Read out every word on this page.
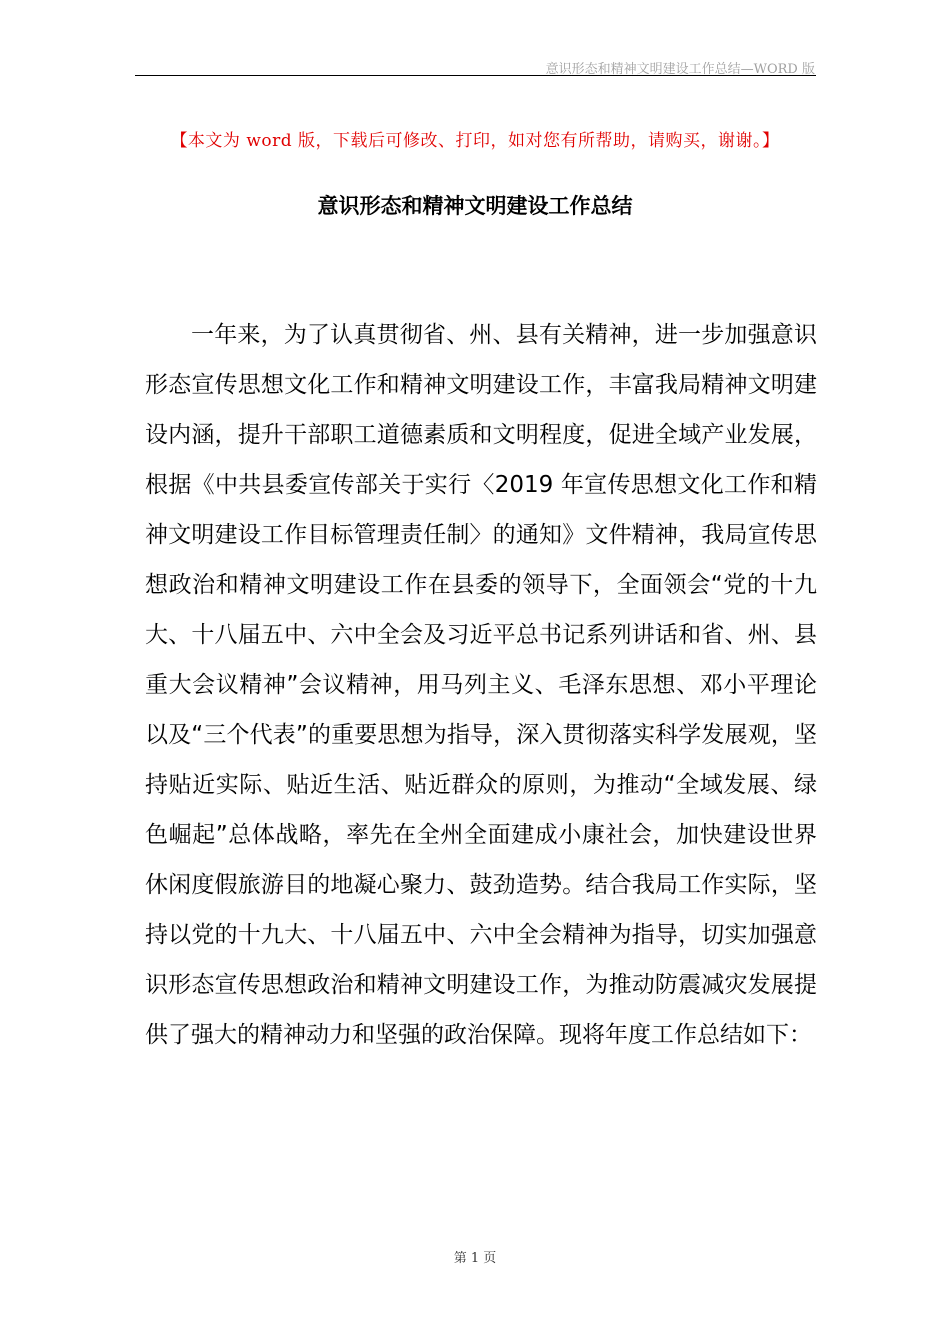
意识形态和精神文明建设工作总结—WORD 版
【本文为 word 版，下载后可修改、打印，如对您有所帮助，请购买，谢谢。】
意识形态和精神文明建设工作总结

一年来，为了认真贯彻省、州、县有关精神，进一步加强意识形态宣传思想文化工作和精神文明建设工作，丰富我局精神文明建设内涵，提升干部职工道德素质和文明程度，促进全域产业发展，根据《中共县委宣传部关于实行〈2019 年宣传思想文化工作和精神文明建设工作目标管理责任制〉的通知》文件精神，我局宣传思想政治和精神文明建设工作在县委的领导下，全面领会“党的十九大、十八届五中、六中全会及习近平总书记系列讲话和省、州、县重大会议精神”会议精神，用马列主义、毛泽东思想、邓小平理论以及“三个代表”的重要思想为指导，深入贯彻落实科学发展观，坚持贴近实际、贴近生活、贴近群众的原则，为推动“全域发展、绿色崛起”总体战略，率先在全州全面建成小康社会，加快建设世界休闲度假旅游目的地凝心聚力、鼓劲造势。结合我局工作实际，坚持以党的十九大、十八届五中、六中全会精神为指导，切实加强意识形态宣传思想政治和精神文明建设工作，为推动防震减灾发展提供了强大的精神动力和坚强的政治保障。现将年度工作总结如下：

第 1 页
